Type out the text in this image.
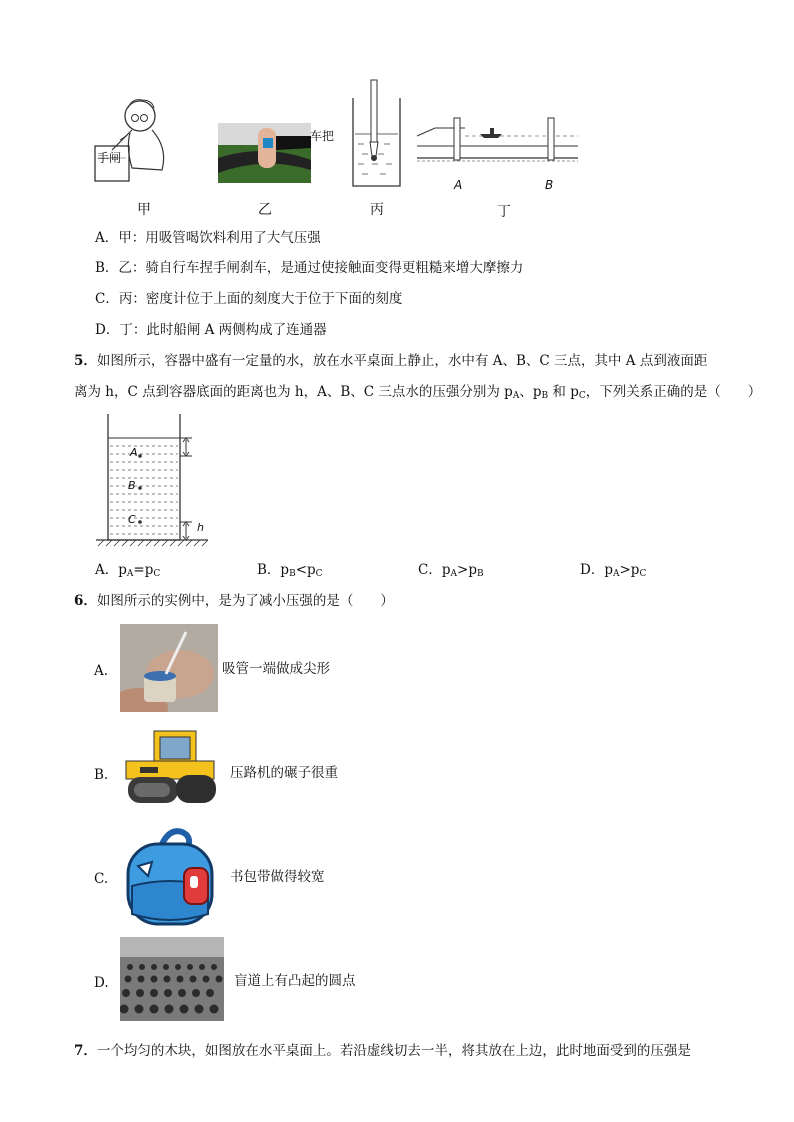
手闸
车把
A	B
甲	乙	丙	丁
A．甲：用吸管喝饮料利用了大气压强
B．乙：骑自行车捏手闸刹车，是通过使接触面变得更粗糙来增大摩擦力
C．丙：密度计位于上面的刻度大于位于下面的刻度
D．丁：此时船闸 A 两侧构成了连通器
5．如图所示，容器中盛有一定量的水，放在水平桌面上静止，水中有 A、B、C 三点，其中 A 点到液面距
离为 h，C 点到容器底面的距离也为 h，A、B、C 三点水的压强分别为 $p_A$、$p_B$ 和 $p_C$，下列关系正确的是（　　）
A
B
C
h
A．$p_A=p_C$	B．$p_B<p_C$	C．$p_A>p_B$	D．$p_A>p_C$
6．如图所示的实例中，是为了减小压强的是（　　）
A.	吸管一端做成尖形
B.	压路机的碾子很重
C.	书包带做得较宽
D.	盲道上有凸起的圆点
7．一个均匀的木块，如图放在水平桌面上。若沿虚线切去一半，将其放在上边，此时地面受到的压强是
